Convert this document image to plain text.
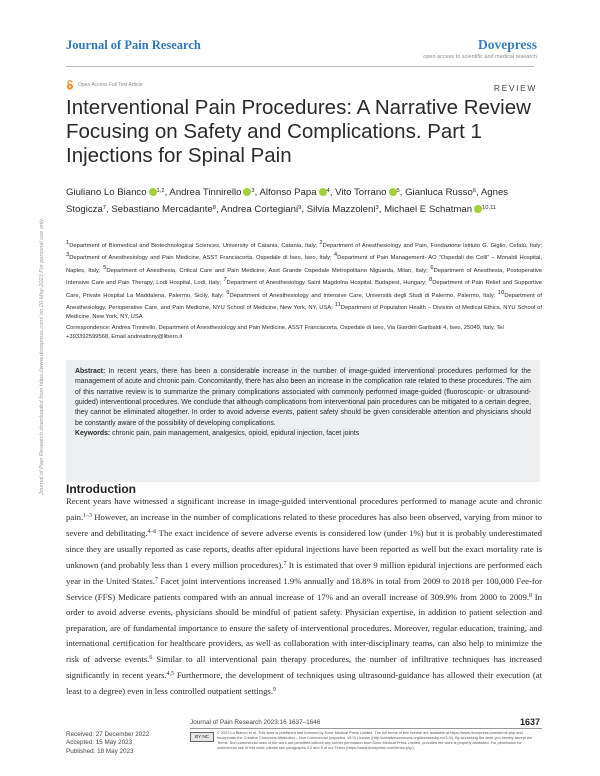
Journal of Pain Research	Dovepress
open access to scientific and medical research
Open Access Full Text Article	REVIEW
Interventional Pain Procedures: A Narrative Review Focusing on Safety and Complications. Part 1 Injections for Spinal Pain
Giuliano Lo Bianco $^{1,2}$, Andrea Tinnirello $^3$, Alfonso Papa $^4$, Vito Torrano $^5$, Gianluca Russo$^6$, Agnes Stogicza$^7$, Sebastiano Mercadante$^8$, Andrea Cortegiani$^9$, Silvia Mazzoleni$^3$, Michael E Schatman $^{10,11}$
$^1$Department of Biomedical and Biotechnological Sciences, University of Catania, Catania, Italy; $^2$Department of Anesthesiology and Pain, Fondazione Istituto G. Giglio, Cefalù, Italy; $^3$Department of Anesthesiology and Pain Medicine, ASST Franciacorta, Ospedale di Iseo, Iseo, Italy; $^4$Department of Pain Management- AO “Ospedali dei Colli” – Monaldi Hospital, Naples, Italy; $^5$Department of Anesthesia, Critical Care and Pain Medicine, Asst Grande Ospedale Metropolitano Niguarda, Milan, Italy; $^6$Department of Anesthesia, Postoperative Intensive Care and Pain Therapy, Lodi Hospital, Lodi, Italy; $^7$Department of Anesthesiology Saint Magdolna Hospital, Budapest, Hungary; $^8$Department of Pain Relief and Supportive Care, Private Hospital La Maddalena, Palermo, Sicily, Italy; $^9$Department of Anesthesiology and Intensive Care, Università degli Studi di Palermo, Palermo, Italy; $^{10}$Department of Anesthesiology, Perioperative Care, and Pain Medicine, NYU School of Medicine, New York, NY, USA; $^{11}$Department of Population Health – Division of Medical Ethics, NYU School of Medicine, New York, NY, USA
Correspondence: Andrea Tinnirello, Department of Anesthesiology and Pain Medicine, ASST Franciacorta, Ospedale di Iseo, Via Giardini Garibaldi 4, Iseo, 25049, Italy, Tel +393392599568, Email andreatinny@libero.it

Abstract: In recent years, there has been a considerable increase in the number of image-guided interventional procedures performed for the management of acute and chronic pain. Concomitantly, there has also been an increase in the complication rate related to these procedures. The aim of this narrative review is to summarize the primary complications associated with commonly performed image-guided (fluoroscopic- or ultrasound-guided) interventional procedures. We conclude that although complications from interventional pain procedures can be mitigated to a certain degree, they cannot be eliminated altogether. In order to avoid adverse events, patient safety should be given considerable attention and physicians should be constantly aware of the possibility of developing complications.

Keywords: chronic pain, pain management, analgesics, opioid, epidural injection, facet joints

Introduction
Recent years have witnessed a significant increase in image-guided interventional procedures performed to manage acute and chronic pain.$^{1-3}$ However, an increase in the number of complications related to these procedures has also been observed, varying from minor to severe and debilitating.$^{4-6}$ The exact incidence of severe adverse events is considered low (under 1%) but it is probably underestimated since they are usually reported as case reports, deaths after epidural injections have been reported as well but the exact mortality rate is unknown (and probably less than 1 every million procedures).$^7$ It is estimated that over 9 million epidural injections are performed each year in the United States.$^7$ Facet joint interventions increased 1.9% annually and 18.8% in total from 2009 to 2018 per 100,000 Fee-for Service (FFS) Medicare patients compared with an annual increase of 17% and an overall increase of 309.9% from 2000 to 2009.$^8$ In order to avoid adverse events, physicians should be mindful of patient safety. Physician expertise, in addition to patient selection and preparation, are of fundamental importance to ensure the safety of interventional procedures. Moreover, regular education, training, and international certification for healthcare providers, as well as collaboration with inter-disciplinary teams, can also help to minimize the risk of adverse events.$^6$ Similar to all interventional pain therapy procedures, the number of infiltrative techniques has increased significantly in recent years.$^{4,5}$ Furthermore, the development of techniques using ultrasound-guidance has allowed their execution (at least to a degree) even in less controlled outpatient settings.$^9$
Journal of Pain Research downloaded from https://www.dovepress.com/ on 20-May-2023 For personal use only.
Journal of Pain Research 2023:16 1637–1646	1637
Received: 27 December 2022
Accepted: 15 May 2023
Published: 18 May 2023
BY NC
© 2023 Lo Bianco et al. This work is published and licensed by Dove Medical Press Limited. The full terms of this license are available at https://www.dovepress.com/terms.php and incorporate the Creative Commons Attribution – Non Commercial (unported, v3.0) License (http://creativecommons.org/licenses/by-nc/3.0/). By accessing the work you hereby accept the Terms. Non-commercial uses of the work are permitted without any further permission from Dove Medical Press Limited, provided the work is properly attributed. For permission for commercial use of this work, please see paragraphs 4.2 and 5 of our Terms (https://www.dovepress.com/terms.php).
